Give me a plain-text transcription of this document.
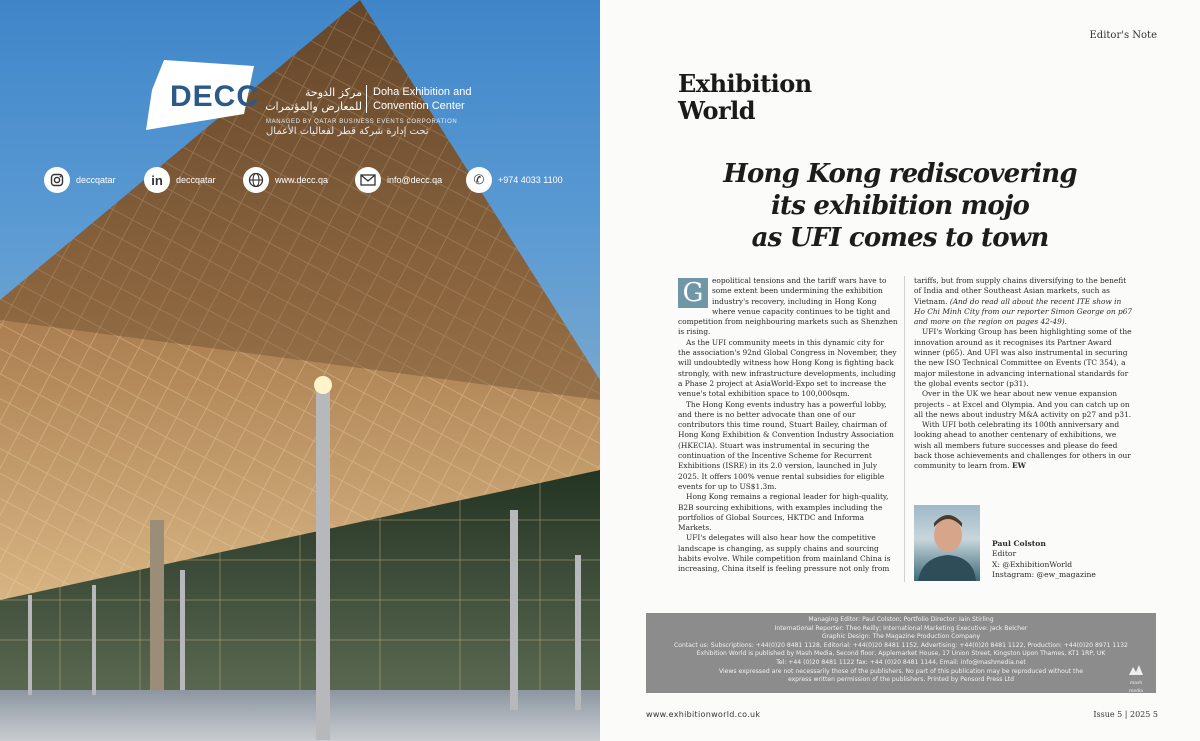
DECC	مركز الدوحة للمعارض والمؤتمرات
Doha Exhibition and
Convention Center
MANAGED BY QATAR BUSINESS EVENTS CORPORATION
تحت إدارة شركة قطر لفعاليات الأعمال
deccqatar	in	deccqatar	www.decc.qa	info@decc.qa	✆	+974 4033 1100
Editor's Note
Exhibition
World
Hong Kong rediscovering
its exhibition mojo
as UFI comes to town

G	eopolitical tensions and the tariff wars have to some extent been undermining the exhibition industry's recovery, including in Hong Kong where venue capacity continues to be tight and competition from neighbouring markets such as Shenzhen is rising.

As the UFI community meets in this dynamic city for the association's 92nd Global Congress in November, they will undoubtedly witness how Hong Kong is fighting back strongly, with new infrastructure developments, including a Phase 2 project at AsiaWorld-Expo set to increase the venue's total exhibition space to 100,000sqm.

The Hong Kong events industry has a powerful lobby, and there is no better advocate than one of our contributors this time round, Stuart Bailey, chairman of Hong Kong Exhibition & Convention Industry Association (HKECIA). Stuart was instrumental in securing the continuation of the Incentive Scheme for Recurrent Exhibitions (ISRE) in its 2.0 version, launched in July 2025. It offers 100% venue rental subsidies for eligible events for up to US$1.3m.

Hong Kong remains a regional leader for high-quality, B2B sourcing exhibitions, with examples including the portfolios of Global Sources, HKTDC and Informa Markets.

UFI's delegates will also hear how the competitive landscape is changing, as supply chains and sourcing habits evolve. While competition from mainland China is increasing, China itself is feeling pressure not only from

tariffs, but from supply chains diversifying to the benefit of India and other Southeast Asian markets, such as Vietnam. (And do read all about the recent ITE show in Ho Chi Minh City from our reporter Simon George on p67 and more on the region on pages 42-49).

UFI's Working Group has been highlighting some of the innovation around as it recognises its Partner Award winner (p65). And UFI was also instrumental in securing the new ISO Technical Committee on Events (TC 354), a major milestone in advancing international standards for the global events sector (p31).

Over in the UK we hear about new venue expansion projects – at Excel and Olympia. And you can catch up on all the news about industry M&A activity on p27 and p31.

With UFI both celebrating its 100th anniversary and looking ahead to another centenary of exhibitions, we wish all members future successes and please do feed back those achievements and challenges for others in our community to learn from. EW

Paul Colston
Editor
X: @ExhibitionWorld
Instagram: @ew_magazine
Managing Editor: Paul Colston; Portfolio Director: Iain Stirling
International Reporter: Theo Reilly; International Marketing Executive: Jack Belcher
Graphic Design: The Magazine Production Company
Contact us: Subscriptions: +44(0)20 8481 1128, Editorial: +44(0)20 8481 1152, Advertising: +44(0)20 8481 1122, Production: +44(0)20 8971 1132
Exhibition World is published by Mash Media, Second floor, Applemarket House, 17 Union Street, Kingston Upon Thames, KT1 1RP, UK
Tel: +44 (0)20 8481 1122 fax: +44 (0)20 8481 1144, Email: info@mashmedia.net
Views expressed are not necessarily those of the publishers. No part of this publication may be reproduced without the
express written permission of the publishers. Printed by Pensord Press Ltd	mash media
www.exhibitionworld.co.uk	Issue 5 | 2025 5
